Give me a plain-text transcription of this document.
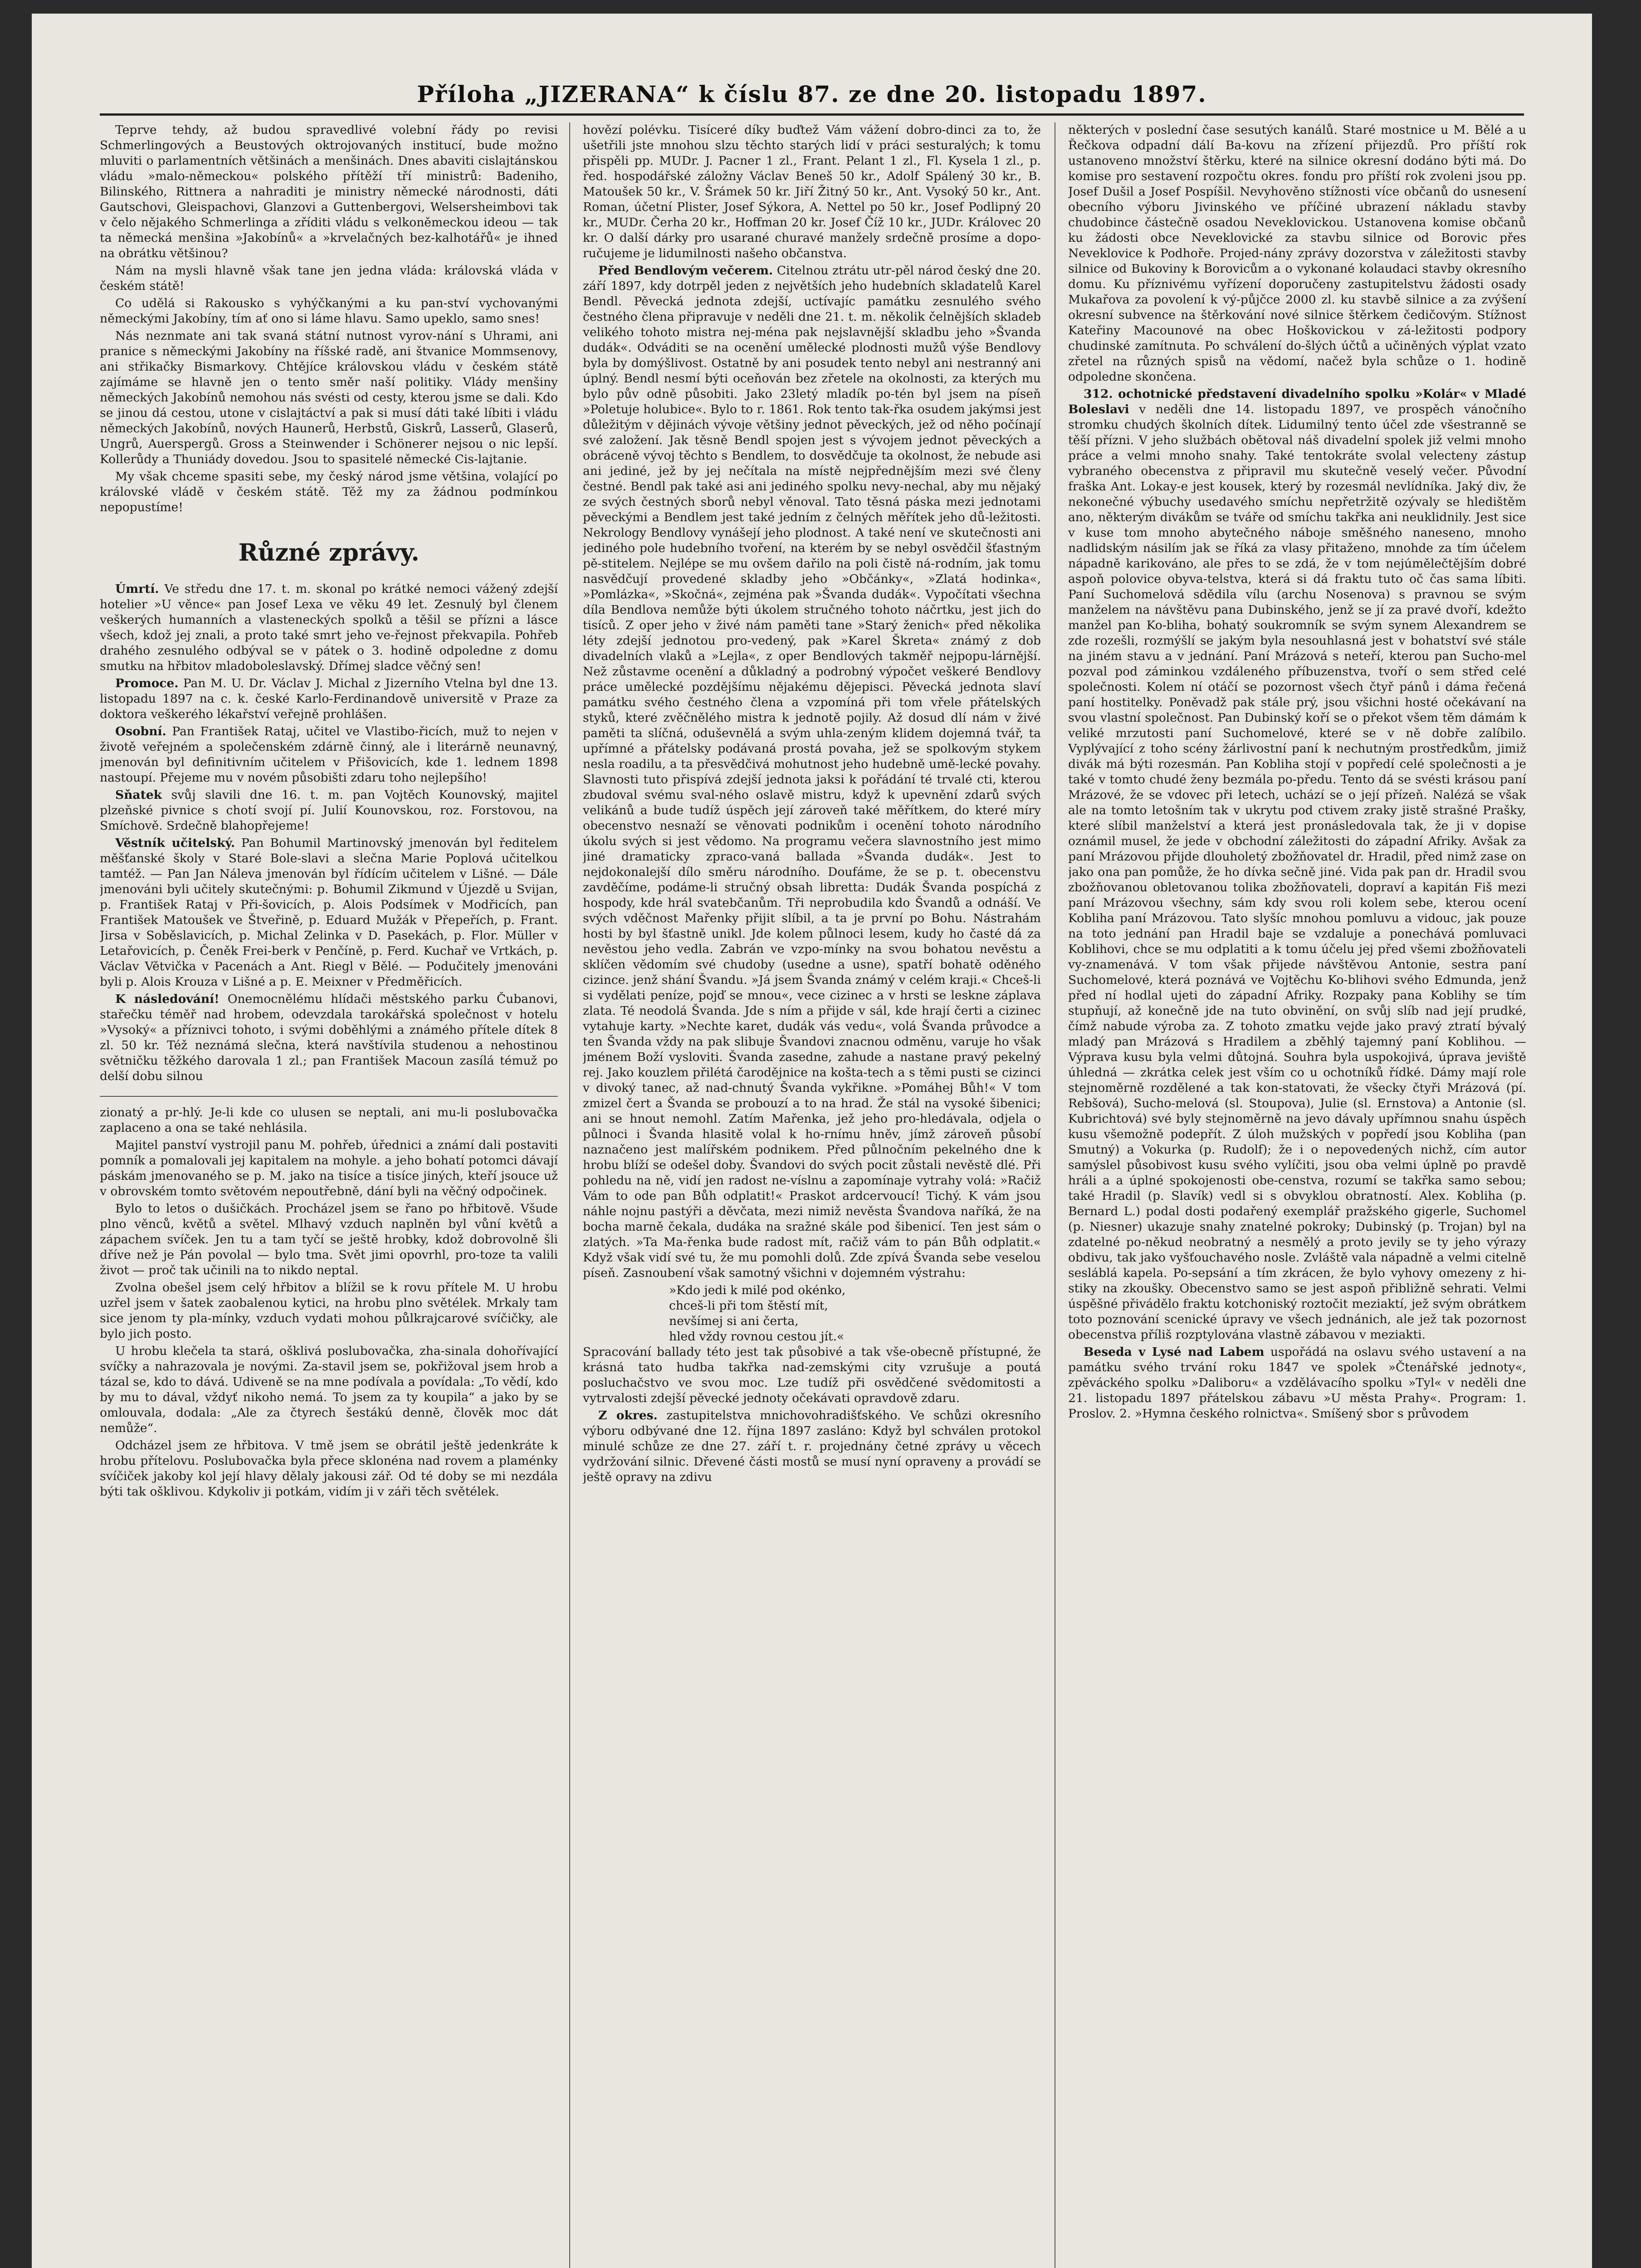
Příloha „JIZERANA“ k číslu 87. ze dne 20. listopadu 1897.

Teprve tehdy, až budou spravedlivé volební řády po revisi Schmerlingových a Beustových oktrojovaných institucí, bude možno mluviti o parlamentních většinách a menšinách. Dnes abaviti cislajtánskou vládu »malo-německou« polského přítěží tří ministrů: Badeniho, Bilinského, Rittnera a nahraditi je ministry německé národnosti, dáti Gautschovi, Gleispachovi, Glanzovi a Guttenbergovi, Welsersheimbovi tak v čelo nějakého Schmerlinga a zříditi vládu s velkoněmeckou ideou — tak ta německá menšina »Jakobínů« a »krvelačných bez-kalhotářů« je ihned na obrátku většinou?

Nám na mysli hlavně však tane jen jedna vláda: královská vláda v českém státě!

Co udělá si Rakousko s vyhýčkanými a ku pan-ství vychovanými německými Jakobíny, tím ať ono si láme hlavu. Samo upeklo, samo snes!

Nás neznmate ani tak svaná státní nutnost vyrov-nání s Uhrami, ani pranice s německými Jakobíny na říšské radě, ani štvanice Mommsenovy, ani střikačky Bismarkovy. Chtějíce královskou vládu v českém státě zajímáme se hlavně jen o tento směr naší politiky. Vlády menšiny německých Jakobínů nemohou nás svésti od cesty, kterou jsme se dali. Kdo se jinou dá cestou, utone v cislajtáctví a pak si musí dáti také líbiti i vládu německých Jakobínů, nových Haunerů, Herbstů, Giskrů, Lasserů, Glaserů, Ungrů, Auerspergů. Gross a Steinwender i Schönerer nejsou o nic lepší. Kollerůdy a Thuniády dovedou. Jsou to spasitelé německé Cis-lajtanie.

My však chceme spasiti sebe, my český národ jsme většina, volající po královské vládě v českém státě. Těž my za žádnou podmínkou nepopustíme!

Různé zprávy.

Úmrtí. Ve středu dne 17. t. m. skonal po krátké nemoci vážený zdejší hotelier »U věnce« pan Josef Lexa ve věku 49 let. Zesnulý byl členem veškerých humanních a vlasteneckých spolků a těšil se přízni a lásce všech, kdož jej znali, a proto také smrt jeho ve-řejnost překvapila. Pohřeb drahého zesnulého odbýval se v pátek o 3. hodině odpoledne z domu smutku na hřbitov mladoboleslavský. Dřímej sladce věčný sen!

Promoce. Pan M. U. Dr. Václav J. Michal z Jizerního Vtelna byl dne 13. listopadu 1897 na c. k. české Karlo-Ferdinandově universitě v Praze za doktora veškerého lékařství veřejně prohlášen.

Osobní. Pan František Rataj, učitel ve Vlastibo-řicích, muž to nejen v životě veřejném a společenském zdárně činný, ale i literárně neunavný, jmenován byl definitivním učitelem v Přišovicích, kde 1. lednem 1898 nastoupí. Přejeme mu v novém působišti zdaru toho nejlepšího!

Sňatek svůj slavili dne 16. t. m. pan Vojtěch Kounovský, majitel plzeňské pivnice s chotí svojí pí. Julií Kounovskou, roz. Forstovou, na Smíchově. Srdečně blahopřejeme!

Věstník učitelský. Pan Bohumil Martinovský jmenován byl ředitelem měšťanské školy v Staré Bole-slavi a slečna Marie Poplová učitelkou tamtéž. — Pan Jan Náleva jmenován byl řídícím učitelem v Lišné. — Dále jmenováni byli učitely skutečnými: p. Bohumil Zikmund v Újezdě u Svijan, p. František Rataj v Při-šovicích, p. Alois Podsímek v Modřicích, pan František Matoušek ve Štveřině, p. Eduard Mužák v Přepeřích, p. Frant. Jirsa v Soběslavicích, p. Michal Zelinka v D. Pasekách, p. Flor. Müller v Letařovicích, p. Čeněk Frei-berk v Penčíně, p. Ferd. Kuchař ve Vrtkách, p. Václav Větvička v Pacenách a Ant. Riegl v Bělé. — Podučitely jmenováni byli p. Alois Krouza v Lišné a p. E. Meixner v Předměřicích.

K následování! Onemocnělému hlídači městského parku Čubanovi, stařečku téměř nad hrobem, odevzdala tarokářská společnost v hotelu »Vysoký« a příznivci tohoto, i svými doběhlými a známého přítele dítek 8 zl. 50 kr. Též neznámá slečna, která navštívila studenou a nehostinou světničku těžkého darovala 1 zl.; pan František Macoun zasílá témuž po delší dobu silnou

zionatý a pr-hlý. Je-li kde co ulusen se neptali, ani mu-li poslubovačka zaplaceno a ona se také nehlásila.

Majitel panství vystrojil panu M. pohřeb, úřednici a známí dali postaviti pomník a pomalovali jej kapitalem na mohyle. a jeho bohatí potomci dávají páskám jmenovaného se p. M. jako na tisíce a tisíce jiných, kteří jsouce už v obrovském tomto světovém nepoutřebně, dání byli na věčný odpočinek.

Bylo to letos o dušičkách. Procházel jsem se řano po hřbitově. Všude plno věnců, květů a světel. Mlhavý vzduch naplněn byl vůní květů a zápachem svíček. Jen tu a tam tyčí se ještě hrobky, kdož dobrovolně šli dříve než je Pán povolal — bylo tma. Svět jimi opovrhl, pro-toze ta valili život — proč tak učinili na to nikdo neptal.

Zvolna obešel jsem celý hřbitov a blížil se k rovu přítele M. U hrobu uzřel jsem v šatek zaobalenou kytici, na hrobu plno světélek. Mrkaly tam sice jenom ty pla-mínky, vzduch vydati mohou půlkrajcarové svíčičky, ale bylo jich posto.

U hrobu klečela ta stará, ošklivá poslubovačka, zha-sinala dohořívající svíčky a nahrazovala je novými. Za-stavil jsem se, pokřižoval jsem hrob a tázal se, kdo to dává. Udiveně se na mne podívala a povídala: „To vědí, kdo by mu to dával, vždyť nikoho nemá. To jsem za ty koupila“ a jako by se omlouvala, dodala: „Ale za čtyrech šestákú denně, člověk moc dát nemůže“.

Odcházel jsem ze hřbitova. V tmě jsem se obrátil ještě jedenkráte k hrobu přítelovu. Poslubovačka byla přece sklonéna nad rovem a plaménky svíčiček jakoby kol její hlavy dělaly jakousi zář. Od té doby se mi nezdála býti tak ošklivou. Kdykoliv ji potkám, vidím ji v záři těch světélek.

hovězí polévku. Tisíceré díky buďtež Vám vážení dobro-dinci za to, že ušetřili jste mnohou slzu těchto starých lidí v práci sesturalých; k tomu přispěli pp. MUDr. J. Pacner 1 zl., Frant. Pelant 1 zl., Fl. Kysela 1 zl., p. řed. hospodářské záložny Václav Beneš 50 kr., Adolf Spálený 30 kr., B. Matoušek 50 kr., V. Šrámek 50 kr. Jiří Žitný 50 kr., Ant. Vysoký 50 kr., Ant. Roman, účetní Plister, Josef Sýkora, A. Nettel po 50 kr., Josef Podlipný 20 kr., MUDr. Čerha 20 kr., Hoffman 20 kr. Josef Číž 10 kr., JUDr. Královec 20 kr. O další dárky pro usarané churavé manžely srdečně prosíme a dopo-ručujeme je lidumilnosti našeho občanstva.

Před Bendlovým večerem. Citelnou ztrátu utr-pěl národ český dne 20. září 1897, kdy dotrpěl jeden z největších jeho hudebních skladatelů Karel Bendl. Pěvecká jednota zdejší, uctívajíc památku zesnulého svého čestného člena připravuje v neděli dne 21. t. m. několik čelnějších skladeb velikého tohoto mistra nej-ména pak nejslavnější skladbu jeho »Švanda dudák«. Odváditi se na ocenění umělecké plodnosti mužů výše Bendlovy byla by domýšlivost. Ostatně by ani posudek tento nebyl ani nestranný ani úplný. Bendl nesmí býti oceňován bez zřetele na okolnosti, za kterých mu bylo pův odně působiti. Jako 23letý mladík po-tén byl jsem na píseň »Poletuje holubice«. Bylo to r. 1861. Rok tento tak-řka osudem jakýmsi jest důležitým v dějinách vývoje většiny jednot pěveckých, jež od něho počínají své založení. Jak těsně Bendl spojen jest s vývojem jednot pěveckých a obráceně vývoj těchto s Bendlem, to dosvědčuje ta okolnost, že nebude asi ani jediné, jež by jej nečítala na místě nejpřednějším mezi své členy čestné. Bendl pak také asi ani jediného spolku nevy-nechal, aby mu nějaký ze svých čestných sborů nebyl věnoval. Tato těsná páska mezi jednotami pěveckými a Bendlem jest také jedním z čelných měřítek jeho dů-ležitosti. Nekrology Bendlovy vynášejí jeho plodnost. A také není ve skutečnosti ani jediného pole hudebního tvoření, na kterém by se nebyl osvědčil šťastným pě-stitelem. Nejlépe se mu ovšem dařilo na poli čistě ná-rodním, jak tomu nasvědčují provedené skladby jeho »Občánky«, »Zlatá hodinka«, »Pomlázka«, »Skočná«, zejména pak »Švanda dudák«. Vypočítati všechna díla Bendlova nemůže býti úkolem stručného tohoto náčrtku, jest jich do tisíců. Z oper jeho v živé nám paměti tane »Starý ženich« před několika léty zdejší jednotou pro-vedený, pak »Karel Škreta« známý z dob divadelních vlaků a »Lejla«, z oper Bendlových takměř nejpopu-lárnější. Než zůstavme ocenění a důkladný a podrobný výpočet veškeré Bendlovy práce umělecké pozdějšímu nějakému dějepisci. Pěvecká jednota slaví památku svého čestného člena a vzpomíná při tom vřele přátelských styků, které zvěčnělého mistra k jednotě pojily. Až dosud dlí nám v živé paměti ta slíčná, oduševnělá a svým uhla-zeným klidem dojemná tvář, ta upřímné a přátelsky podávaná prostá povaha, jež se spolkovým stykem nesla roadilu, a ta přesvědčivá mohutnost jeho hudebně umě-lecké povahy. Slavnosti tuto přispívá zdejší jednota jaksi k pořádání té trvalé cti, kterou zbudoval svému sval-ného oslavě mistru, když k upevnění zdarů svých velikánů a bude tudíž úspěch její zároveň také měřítkem, do které míry obecenstvo nesnaží se věnovati podnikům i ocenění tohoto národního úkolu svých si jest vědomo. Na programu večera slavnostního jest mimo jiné dramaticky zpraco-vaná ballada »Švanda dudák«. Jest to nejdokonalejší dílo směru národního. Doufáme, že se p. t. obecenstvu zavděčíme, podáme-li stručný obsah libretta: Dudák Švanda pospíchá z hospody, kde hrál svatebčanům. Tři neprobudila kdo Švandů a odnáší. Ve svých vděčnost Mařenky přijit slíbil, a ta je první po Bohu. Nástrahám hosti by byl šťastně unikl. Jde kolem půlnoci lesem, kudy ho časté dá za nevěstou jeho vedla. Zabrán ve vzpo-mínky na svou bohatou nevěstu a sklíčen vědomím své chudoby (usedne a usne), spatří bohatě oděného cizince. jenž shání Švandu. »Já jsem Švanda známý v celém kraji.« Chceš-li si vydělati peníze, pojď se mnou«, vece cizinec a v hrsti se leskne záplava zlata. Té neodolá Švanda. Jde s ním a přijde v sál, kde hrají čerti a cizinec vytahuje karty. »Nechte karet, dudák vás vedu«, volá Švanda průvodce a ten Švanda vždy na pak slibuje Švandovi znacnou odměnu, varuje ho však jménem Boží vysloviti. Švanda zasedne, zahude a nastane pravý pekelný rej. Jako kouzlem přilétá čarodějnice na košta-tech a s těmi pusti se cizinci v divoký tanec, až nad-chnutý Švanda vykřikne. »Pomáhej Bůh!« V tom zmizel čert a Švanda se probouzí a to na hrad. Že stál na vysoké šibenici; ani se hnout nemohl. Zatím Mařenka, jež jeho pro-hledávala, odjela o půlnoci i Švanda hlasitě volal k ho-rnímu hněv, jímž zároveň působí naznačeno jest malířském podnikem. Před půlnočním pekelného dne k hrobu blíží se odešel doby. Švandovi do svých pocit zůstali nevěstě dlé. Při pohledu na ně, vidí jen radost ne-víslnu a zapomínaje vytrahy volá: »Račiž Vám to ode pan Bůh odplatit!« Praskot ardcervoucí! Tichý. K vám jsou náhle nojnu pastýři a děvčata, mezi nimiž nevěsta Švandova naříká, že na bocha marně čekala, dudáka na sražné skále pod šibenicí. Ten jest sám o zlatých. »Ta Ma-řenka bude radost mít, račiž vám to pán Bůh odplatit.« Když však vidí své tu, že mu pomohli dolů. Zde zpívá Švanda sebe veselou píseň. Zasnoubení však samotný všichni v dojemném výstrahu:

»Kdo jedi k milé pod okénko,

chceš-li při tom štěstí mít,

nevšímej si ani čerta,

hled vždy rovnou cestou jít.«

Spracování ballady této jest tak působivé a tak vše-obecně přístupné, že krásná tato hudba takřka nad-zemskými city vzrušuje a poutá posluchačstvo ve svou moc. Lze tudíž při osvědčené svědomitosti a vytrvalosti zdejší pěvecké jednoty očekávati opravdově zdaru.

Z okres. zastupitelstva mnichovohradišťského. Ve schůzi okresního výboru odbývané dne 12. října 1897 zasláno: Když byl schválen protokol minulé schůze ze dne 27. září t. r. projednány četné zprávy u věcech vydržování silnic. Dřevené části mostů se musí nyní opraveny a provádí se ještě opravy na zdivu

některých v poslední čase sesutých kanálů. Staré mostnice u M. Bělé a u Řečkova odpadní dálí Ba-kovu na zřízení přijezdů. Pro příští rok ustanoveno množství štěrku, které na silnice okresní dodáno býti má. Do komise pro sestavení rozpočtu okres. fondu pro příští rok zvoleni jsou pp. Josef Dušil a Josef Pospíšil. Nevyhověno stížnosti více občanů do usnesení obecního výboru Jivinského ve příčiné ubrazení nákladu stavby chudobince částečně osadou Neveklovickou. Ustanovena komise občanů ku žádosti obce Neveklovické za stavbu silnice od Borovic přes Neveklovice k Podhoře. Projed-nány zprávy dozorstva v záležitosti stavby silnice od Bukoviny k Borovicům a o vykonané kolaudaci stavby okresního domu. Ku příznivému vyřízení doporučeny zastupitelstvu žádosti osady Mukařova za povolení k vý-půjčce 2000 zl. ku stavbě silnice a za zvýšení okresní subvence na štěrkování nové silnice štěrkem čedičovým. Stížnost Kateřiny Macounové na obec Hoškovickou v zá-ležitosti podpory chudinské zamítnuta. Po schválení do-šlých účtů a učiněných výplat vzato zřetel na různých spisů na vědomí, načež byla schůze o 1. hodině odpoledne skončena.

312. ochotnické představení divadelního spolku »Kolár« v Mladé Boleslavi v neděli dne 14. listopadu 1897, ve prospěch vánočního stromku chudých školních dítek. Lidumilný tento účel zde všestranně se těší přízni. V jeho službách obětoval náš divadelní spolek již velmi mnoho práce a velmi mnoho snahy. Také tentokráte svolal velecteny zástup vybraného obecenstva z připravil mu skutečně veselý večer. Původní fraška Ant. Lokay-e jest kousek, který by rozesmál nevlídníka. Jaký div, že nekonečné výbuchy usedavého smíchu nepřetržitě ozývaly se hledištěm ano, některým divákům se tváře od smíchu takřka ani neuklidnily. Jest sice v kuse tom mnoho abytečného náboje směšného naneseno, mnoho nadlidským násilím jak se říká za vlasy přitaženo, mnohde za tím účelem nápadně karikováno, ale přes to se zdá, že v tom nejúmělečtějším dobré aspoň polovice obyva-telstva, která si dá fraktu tuto oč čas sama líbiti. Paní Suchomelová sdědila vílu (archu Nosenova) s pravnou se svým manželem na návštěvu pana Dubinského, jenž se jí za pravé dvoří, kdežto manžel pan Ko-bliha, bohatý soukromník se svým synem Alexandrem se zde rozešli, rozmýšlí se jakým byla nesouhlasná jest v bohatství své stále na jiném stavu a v jednání. Paní Mrázová s neteří, kterou pan Sucho-mel pozval pod záminkou vzdáleného příbuzenstva, tvoří o sem střed celé společnosti. Kolem ní otáčí se pozornost všech čtyř pánů i dáma řečená paní hostitelky. Poněvadž pak stále prý, jsou všichni hosté očekávaní na svou vlastní společnost. Pan Dubinský koří se o překot všem těm dámám k veliké mrzutosti paní Suchomelové, které se v ně dobře zalíbilo. Vyplývající z toho scény žárlivostní paní k nechutným prostředkům, jimiž divák má býti rozesmán. Pan Kobliha stojí v popředí celé společnosti a je také v tomto chudé ženy bezmála po-předu. Tento dá se svésti krásou paní Mrázové, že se vdovec při letech, uchází se o její přízeň. Nalézá se však ale na tomto letošním tak v ukrytu pod ctivem zraky jistě strašné Prašky, které slíbil manželství a která jest pronásledovala tak, že ji v dopise oznámil musel, že jede v obchodní záležitosti do západní Afriky. Avšak za paní Mrázovou přijde dlouholetý zbožňovatel dr. Hradil, před nimž zase on jako ona pan pomůže, že ho dívka sečně jiné. Vida pak pan dr. Hradil svou zbožňovanou obletovanou tolika zbožňovateli, dopraví a kapitán Fiš mezi paní Mrázovou všechny, sám kdy svou roli kolem sebe, kterou ocení Kobliha paní Mrázovou. Tato slyšíc mnohou pomluvu a vidouc, jak pouze na toto jednání pan Hradil baje se vzdaluje a ponechává pomluvaci Koblihovi, chce se mu odplatiti a k tomu účelu jej před všemi zbožňovateli vy-znamenává. V tom však přijede návštěvou Antonie, sestra paní Suchomelové, která poznává ve Vojtěchu Ko-blihovi svého Edmunda, jenž před ní hodlal ujeti do západní Afriky. Rozpaky pana Koblihy se tím stupňují, až konečně jde na tuto obvinění, on svůj slíb nad její prudké, čímž nabude výroba za. Z tohoto zmatku vejde jako pravý ztratí bývalý mladý pan Mrázová s Hradilem a zběhlý tajemný paní Koblihou. — Výprava kusu byla velmi důtojná. Souhra byla uspokojivá, úprava jeviště úhledná — zkrátka celek jest vším co u ochotníků řídké. Dámy mají role stejnoměrně rozdělené a tak kon-statovati, že všecky čtyři Mrázová (pí. Rebšová), Sucho-melová (sl. Stoupova), Julie (sl. Ernstova) a Antonie (sl. Kubrichtová) své byly stejnoměrně na jevo dávaly upřímnou snahu úspěch kusu všemožně podepřít. Z úloh mužských v popředí jsou Kobliha (pan Smutný) a Vokurka (p. Rudolf); že i o nepovedených nichž, cím autor samýslel působivost kusu svého vylíčiti, jsou oba velmi úplně po pravdě hráli a a úplné spokojenosti obe-censtva, rozumí se takřka samo sebou; také Hradil (p. Slavík) vedl si s obvyklou obratností. Alex. Kobliha (p. Bernard L.) podal dosti podařený exemplář pražského gigerle, Suchomel (p. Niesner) ukazuje snahy znatelné pokroky; Dubinský (p. Trojan) byl na zdatelné po-někud neobratný a nesmělý a proto jevily se ty jeho výrazy obdivu, tak jako vyšťouchavého nosle. Zvláště vala nápadně a velmi citelně sesláblá kapela. Po-sepsání a tím zkrácen, že bylo vyhovy omezeny z hi-stiky na zkoušky. Obecenstvo samo se jest aspoň přibližně sehrati. Velmi úspěšné přivádělo fraktu kotchoniský roztočit meziaktí, jež svým obrátkem toto poznování scenické úpravy ve všech jednánich, ale jež tak pozornost obecenstva příliš rozptylována vlastně zábavou v meziakti.

Beseda v Lysé nad Labem uspořádá na oslavu svého ustavení a na památku svého trvání roku 1847 ve spolek »Čtenářské jednoty«, zpěváckého spolku »Daliboru« a vzdělávacího spolku »Tyl« v neděli dne 21. listopadu 1897 přátelskou zábavu »U města Prahy«. Program: 1. Proslov. 2. »Hymna českého rolnictva«. Smíšený sbor s průvodem
